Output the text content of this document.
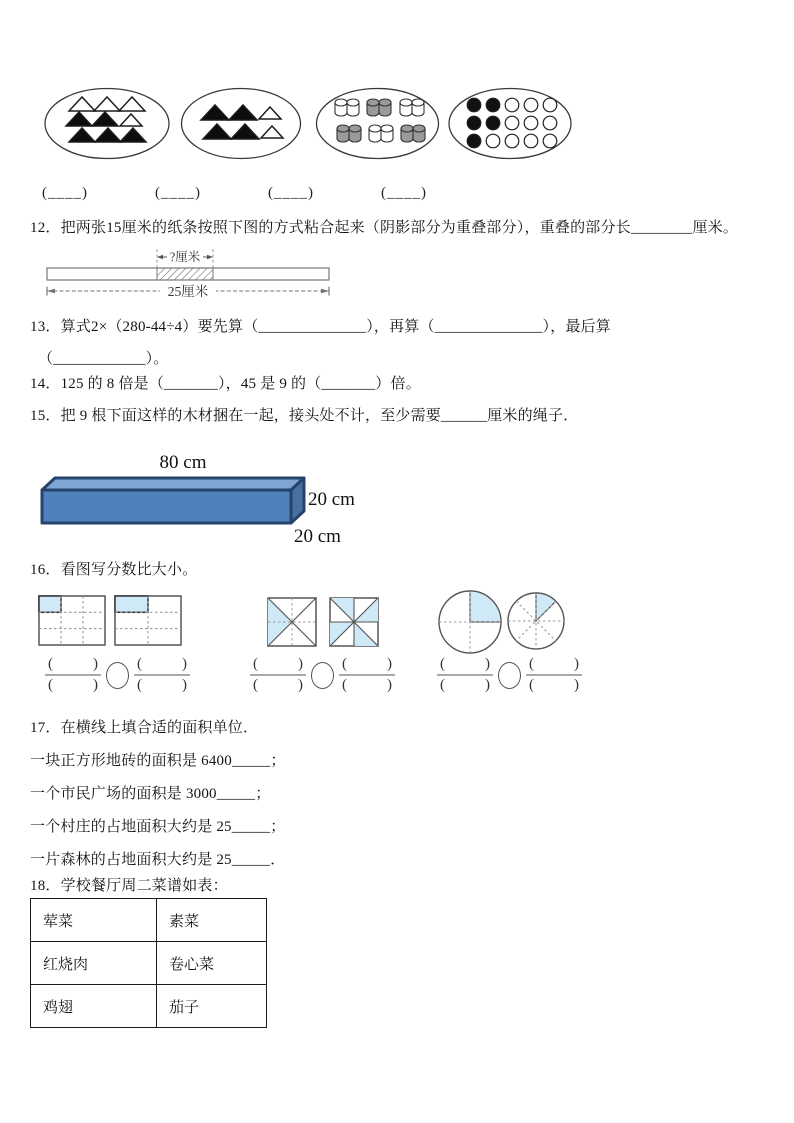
(____)	(____)	(____)	(____)

12．把两张15厘米的纸条按照下图的方式粘合起来（阴影部分为重叠部分），重叠的部分长________厘米。

?厘米
25厘米

13．算式2×（280-44÷4）要先算（______________），再算（______________），最后算

（____________）。

14．125 的 8 倍是（_______），45 是 9 的（_______）倍。

15．把 9 根下面这样的木材捆在一起，接头处不计，至少需要______厘米的绳子．

80 cm
20 cm
20 cm

16．看图写分数比大小。

(	)
(	) (	)
(	)	(	)
(	) (	)
(	)	(	)
(	) (	)
(	)

17．在横线上填合适的面积单位．

一块正方形地砖的面积是 6400_____；

一个市民广场的面积是 3000_____；

一个村庄的占地面积大约是 25_____；

一片森林的占地面积大约是 25_____．

18．学校餐厅周二菜谱如表：

荤菜	素菜
红烧肉	卷心菜
鸡翅	茄子
